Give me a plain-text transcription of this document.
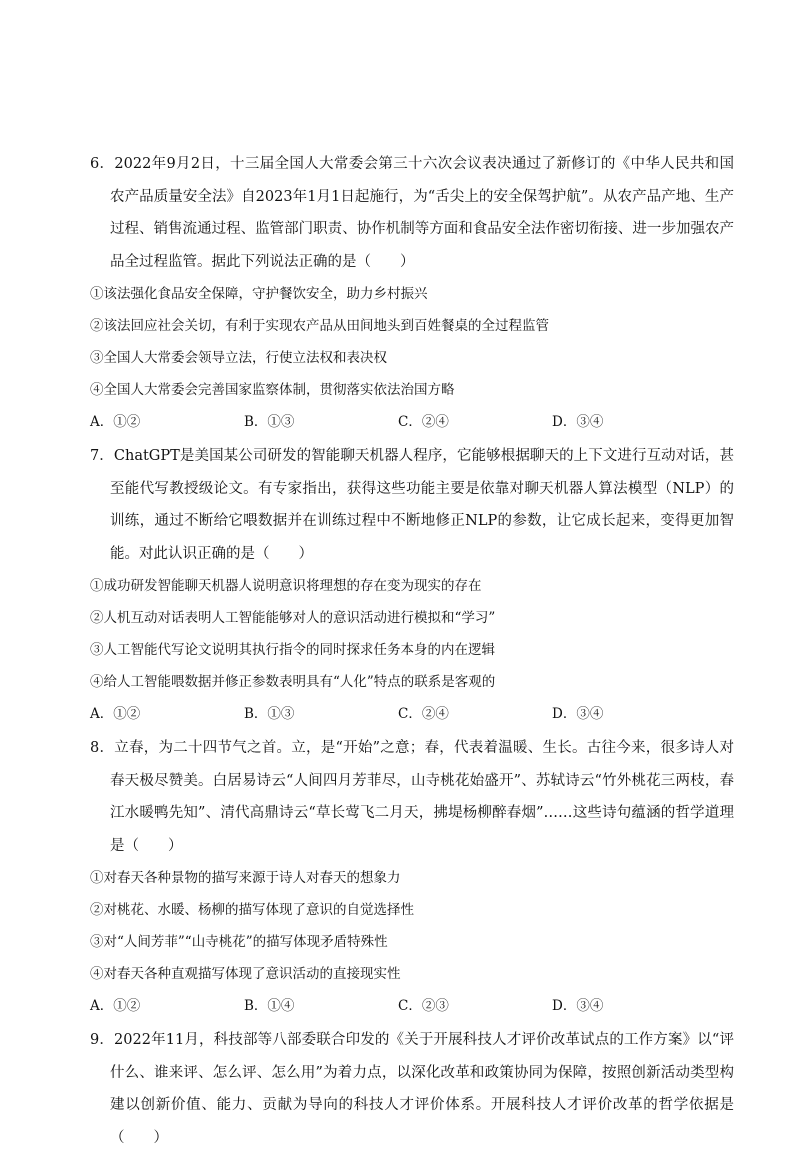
6．2022年9月2日，十三届全国人大常委会第三十六次会议表决通过了新修订的《中华人民共和国农产品质量安全法》自2023年1月1日起施行，为“舌尖上的安全保驾护航”。从农产品产地、生产过程、销售流通过程、监管部门职责、协作机制等方面和食品安全法作密切衔接、进一步加强农产品全过程监管。据此下列说法正确的是（　　）
①该法强化食品安全保障，守护餐饮安全，助力乡村振兴
②该法回应社会关切，有利于实现农产品从田间地头到百姓餐桌的全过程监管
③全国人大常委会领导立法，行使立法权和表决权
④全国人大常委会完善国家监察体制，贯彻落实依法治国方略
A．①②	B．①③	C．②④	D．③④
7．ChatGPT是美国某公司研发的智能聊天机器人程序，它能够根据聊天的上下文进行互动对话，甚至能代写教授级论文。有专家指出，获得这些功能主要是依靠对聊天机器人算法模型（NLP）的训练，通过不断给它喂数据并在训练过程中不断地修正NLP的参数，让它成长起来，变得更加智能。对此认识正确的是（　　）
①成功研发智能聊天机器人说明意识将理想的存在变为现实的存在
②人机互动对话表明人工智能能够对人的意识活动进行模拟和“学习”
③人工智能代写论文说明其执行指令的同时探求任务本身的内在逻辑
④给人工智能喂数据并修正参数表明具有“人化”特点的联系是客观的
A．①②	B．①③	C．②④	D．③④
8．立春，为二十四节气之首。立，是“开始”之意；春，代表着温暖、生长。古往今来，很多诗人对春天极尽赞美。白居易诗云“人间四月芳菲尽，山寺桃花始盛开”、苏轼诗云“竹外桃花三两枝，春江水暖鸭先知”、清代高鼎诗云“草长莺飞二月天，拂堤杨柳醉春烟”……这些诗句蕴涵的哲学道理是（　　）
①对春天各种景物的描写来源于诗人对春天的想象力
②对桃花、水暖、杨柳的描写体现了意识的自觉选择性
③对“人间芳菲”“山寺桃花”的描写体现矛盾特殊性
④对春天各种直观描写体现了意识活动的直接现实性
A．①②	B．①④	C．②③	D．③④
9．2022年11月，科技部等八部委联合印发的《关于开展科技人才评价改革试点的工作方案》以“评什么、谁来评、怎么评、怎么用”为着力点，以深化改革和政策协同为保障，按照创新活动类型构建以创新价值、能力、贡献为导向的科技人才评价体系。开展科技人才评价改革的哲学依据是（　　）
